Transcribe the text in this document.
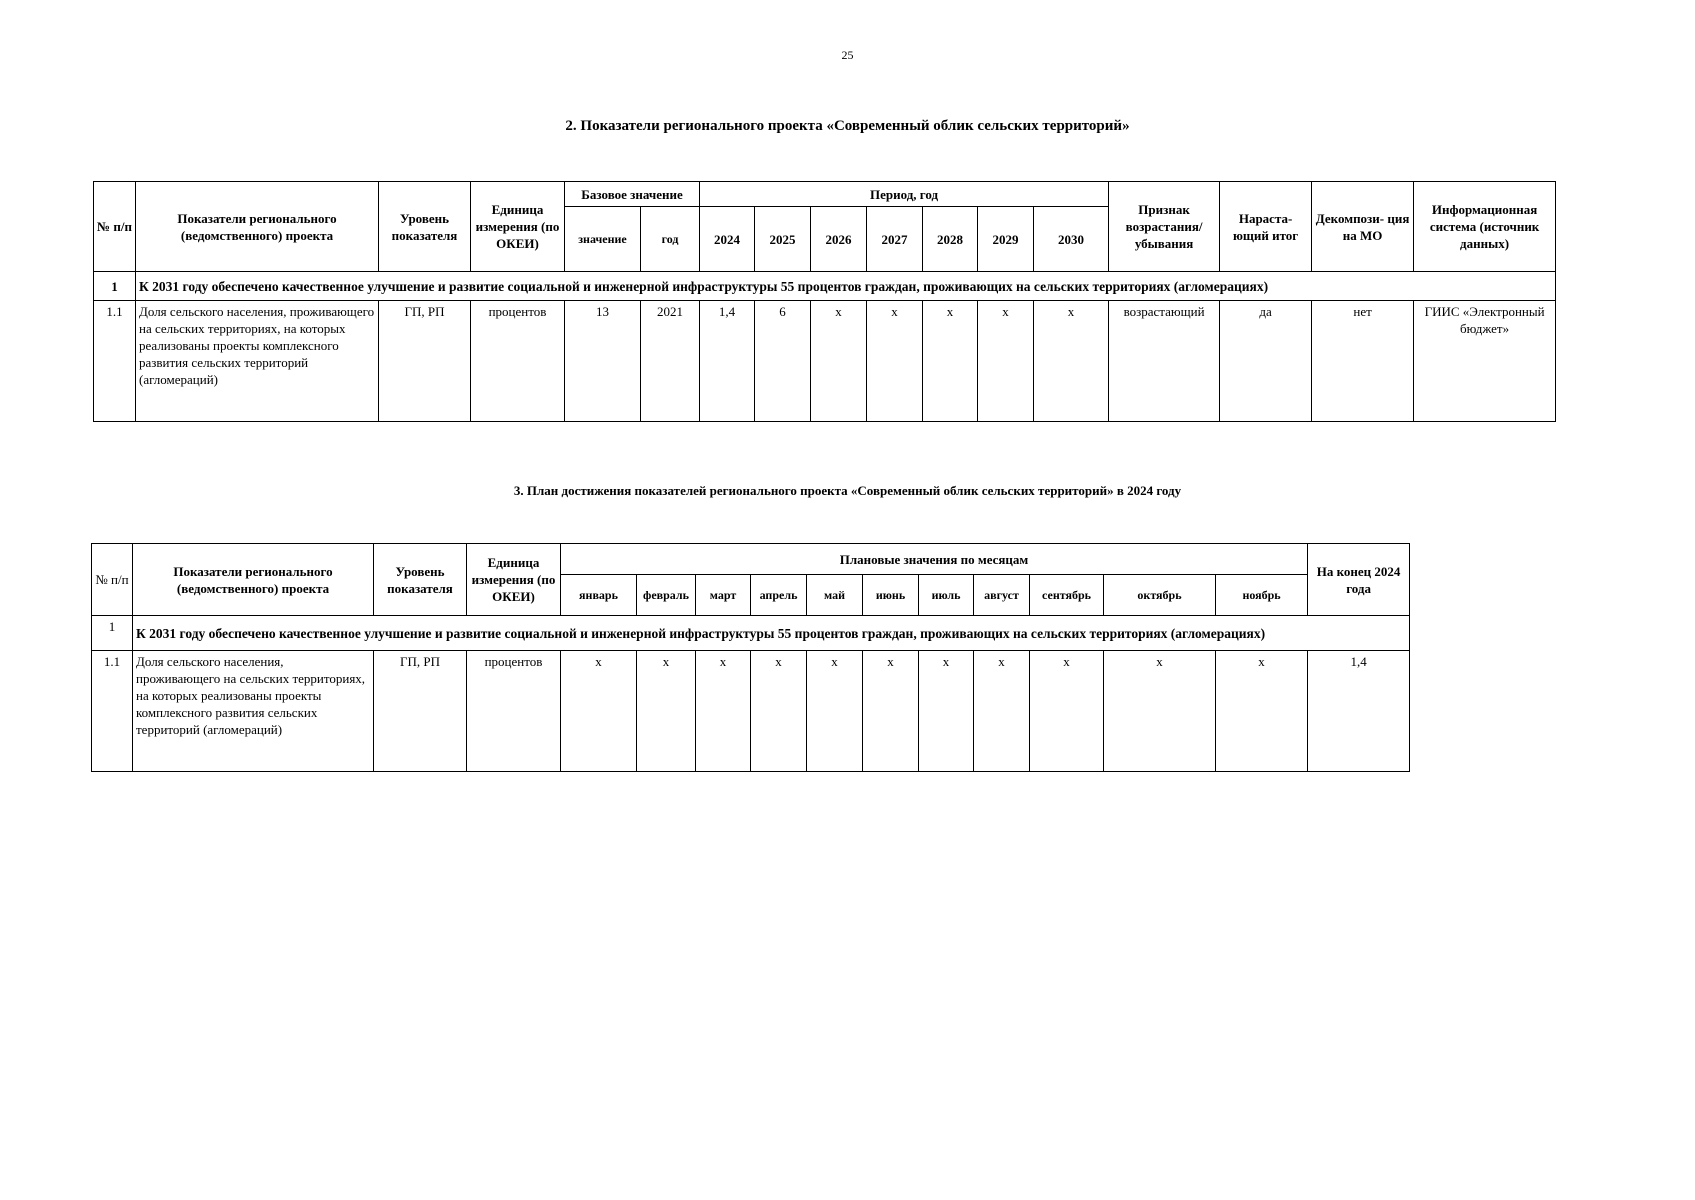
25
2. Показатели регионального проекта «Современный облик сельских территорий»
№ п/п	Показатели регионального (ведомственного) проекта	Уровень показателя	Единица измерения (по ОКЕИ)	Базовое значение		Период, год							Признак возрастания/ убывания	Нараста- ющий итог	Декомпози- ция на МО	Информационная система (источник данных)
				значение	год	2024	2025	2026	2027	2028	2029	2030				
1	К 2031 году обеспечено качественное улучшение и развитие социальной и инженерной инфраструктуры 55 процентов граждан, проживающих на сельских территориях (агломерациях)															
1.1	Доля сельского населения, проживающего на сельских территориях, на которых реализованы проекты комплексного развития сельских территорий (агломераций)	ГП, РП	процентов	13	2021	1,4	6	х	х	х	х	х	возрастающий	да	нет	ГИИС «Электронный бюджет»
3. План достижения показателей регионального проекта «Современный облик сельских территорий» в 2024 году
№ п/п	Показатели регионального (ведомственного) проекта	Уровень показателя	Единица измерения (по ОКЕИ)	Плановые значения по месяцам											На конец 2024 года
				январь	февраль	март	апрель	май	июнь	июль	август	сентябрь	октябрь	ноябрь	
1	К 2031 году обеспечено качественное улучшение и развитие социальной и инженерной инфраструктуры 55 процентов граждан, проживающих на сельских территориях (агломерациях)														
1.1	Доля сельского населения, проживающего на сельских территориях, на которых реализованы проекты комплексного развития сельских территорий (агломераций)	ГП, РП	процентов	х	х	х	х	х	х	х	х	х	х	х	1,4
